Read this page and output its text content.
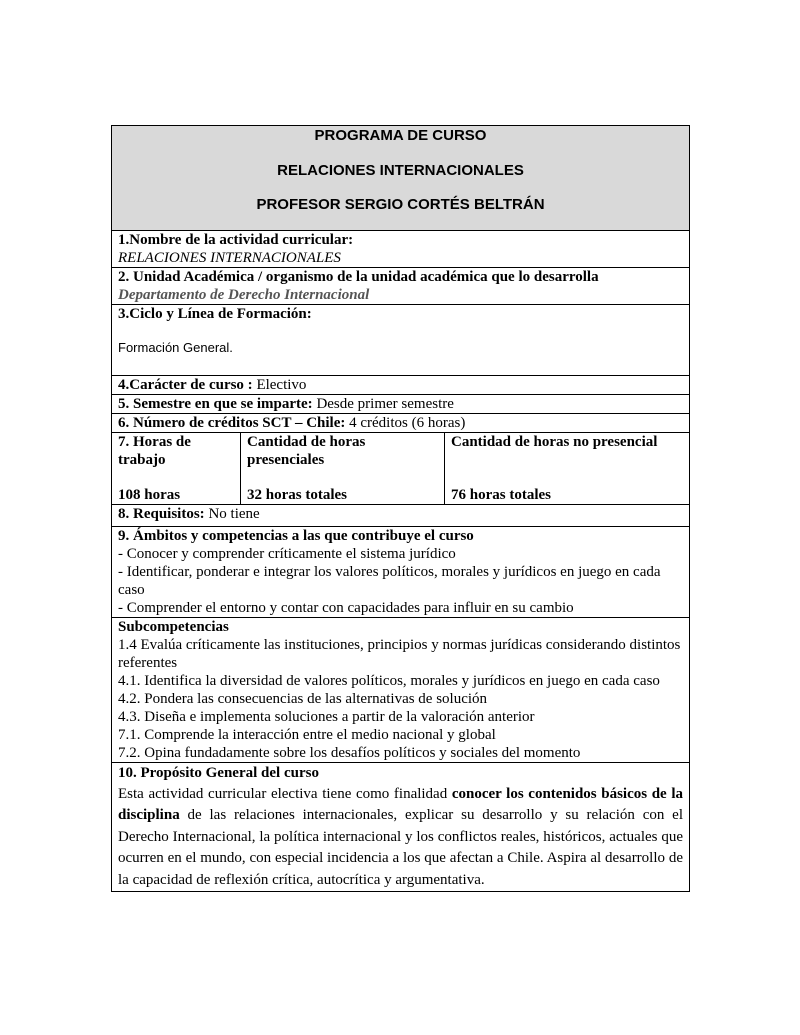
PROGRAMA DE CURSO
RELACIONES INTERNACIONALES
PROFESOR SERGIO CORTÉS BELTRÁN

1.Nombre de la actividad curricular:
RELACIONES INTERNACIONALES

2. Unidad Académica / organismo de la unidad académica que lo desarrolla
Departamento de Derecho Internacional

3.Ciclo y Línea de Formación:
Formación General.

4.Carácter de curso : Electivo
5. Semestre en que se imparte: Desde primer semestre
6. Número de créditos SCT – Chile: 4 créditos (6 horas)

7. Horas de trabajo
108 horas

Cantidad de horas presenciales
32 horas totales

Cantidad de horas no presencial
76 horas totales

8. Requisitos: No tiene

9. Ámbitos y competencias a las que contribuye el curso
- Conocer y comprender críticamente el sistema jurídico
- Identificar, ponderar e integrar los valores políticos, morales y jurídicos en juego en cada caso
- Comprender el entorno y contar con capacidades para influir en su cambio

Subcompetencias
1.4 Evalúa críticamente las instituciones, principios y normas jurídicas considerando distintos referentes
4.1. Identifica la diversidad de valores políticos, morales y jurídicos en juego en cada caso
4.2. Pondera las consecuencias de las alternativas de solución
4.3. Diseña e implementa soluciones a partir de la valoración anterior
7.1. Comprende la interacción entre el medio nacional y global
7.2. Opina fundadamente sobre los desafíos políticos y sociales del momento

10. Propósito General del curso
Esta actividad curricular electiva tiene como finalidad conocer los contenidos básicos de la disciplina de las relaciones internacionales, explicar su desarrollo y su relación con el Derecho Internacional, la política internacional y los conflictos reales, históricos, actuales que ocurren en el mundo, con especial incidencia a los que afectan a Chile. Aspira al desarrollo de la capacidad de reflexión crítica, autocrítica y argumentativa.
